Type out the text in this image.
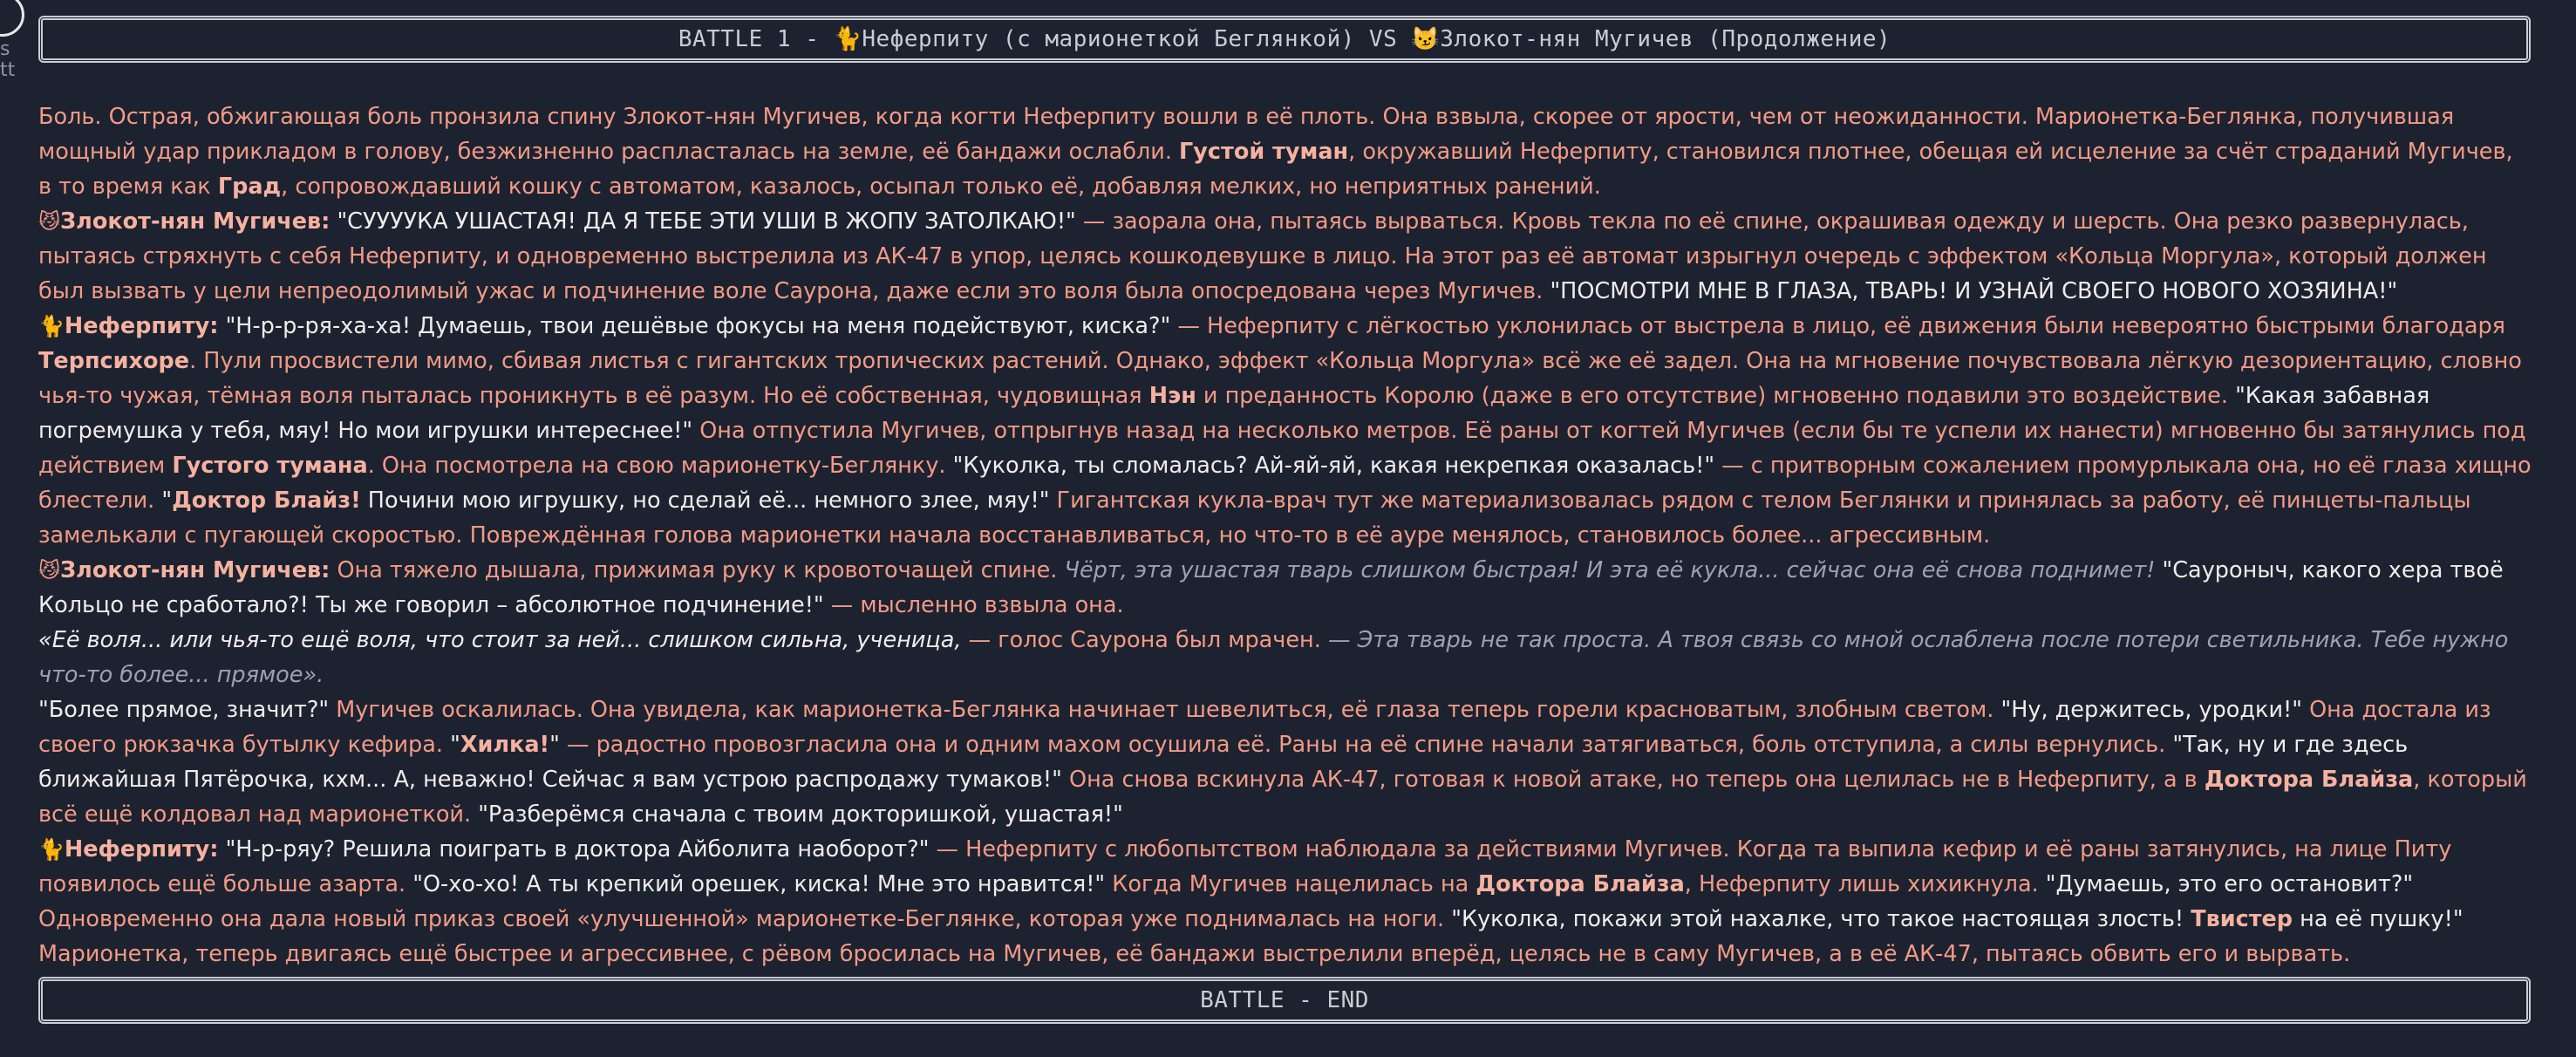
s
tt
BATTLE 1 - 🐈 Неферпиту (с марионеткой Беглянкой) VS 😼 Злокот-нян Мугичев (Продолжение)

Боль. Острая, обжигающая боль пронзила спину Злокот-нян Мугичев, когда когти Неферпиту вошли в её плоть. Она взвыла, скорее от ярости, чем от неожиданности. Марионетка-Беглянка, получившая мощный удар прикладом в голову, безжизненно распласталась на земле, её бандажи ослабли. Густой туман, окружавший Неферпиту, становился плотнее, обещая ей исцеление за счёт страданий Мугичев, в то время как Град, сопровождавший кошку с автоматом, казалось, осыпал только её, добавляя мелких, но неприятных ранений.

😼Злокот-нян Мугичев: "СУУУУКА УШАСТАЯ! ДА Я ТЕБЕ ЭТИ УШИ В ЖОПУ ЗАТОЛКАЮ!" — заорала она, пытаясь вырваться. Кровь текла по её спине, окрашивая одежду и шерсть. Она резко развернулась, пытаясь стряхнуть с себя Неферпиту, и одновременно выстрелила из АК-47 в упор, целясь кошкодевушке в лицо. На этот раз её автомат изрыгнул очередь с эффектом «Кольца Моргула», который должен был вызвать у цели непреодолимый ужас и подчинение воле Саурона, даже если это воля была опосредована через Мугичев. "ПОСМОТРИ МНЕ В ГЛАЗА, ТВАРЬ! И УЗНАЙ СВОЕГО НОВОГО ХОЗЯИНА!"

🐈Неферпиту: "Н-р-р-ря-ха-ха! Думаешь, твои дешёвые фокусы на меня подействуют, киска?" — Неферпиту с лёгкостью уклонилась от выстрела в лицо, её движения были невероятно быстрыми благодаря Терпсихоре. Пули просвистели мимо, сбивая листья с гигантских тропических растений. Однако, эффект «Кольца Моргула» всё же её задел. Она на мгновение почувствовала лёгкую дезориентацию, словно чья-то чужая, тёмная воля пыталась проникнуть в её разум. Но её собственная, чудовищная Нэн и преданность Королю (даже в его отсутствие) мгновенно подавили это воздействие. "Какая забавная погремушка у тебя, мяу! Но мои игрушки интереснее!" Она отпустила Мугичев, отпрыгнув назад на несколько метров. Её раны от когтей Мугичев (если бы те успели их нанести) мгновенно бы затянулись под действием Густого тумана. Она посмотрела на свою марионетку-Беглянку. "Куколка, ты сломалась? Ай-яй-яй, какая некрепкая оказалась!" — с притворным сожалением промурлыкала она, но её глаза хищно блестели. "Доктор Блайз! Почини мою игрушку, но сделай её... немного злее, мяу!" Гигантская кукла-врач тут же материализовалась рядом с телом Беглянки и принялась за работу, её пинцеты-пальцы замелькали с пугающей скоростью. Повреждённая голова марионетки начала восстанавливаться, но что-то в её ауре менялось, становилось более... агрессивным.

😼Злокот-нян Мугичев: Она тяжело дышала, прижимая руку к кровоточащей спине. Чёрт, эта ушастая тварь слишком быстрая! И эта её кукла... сейчас она её снова поднимет! "Сауроныч, какого хера твоё Кольцо не сработало?! Ты же говорил – абсолютное подчинение!" — мысленно взвыла она.

«Её воля... или чья-то ещё воля, что стоит за ней... слишком сильна, ученица, — голос Саурона был мрачен. — Эта тварь не так проста. А твоя связь со мной ослаблена после потери светильника. Тебе нужно что-то более... прямое».

"Более прямое, значит?" Мугичев оскалилась. Она увидела, как марионетка-Беглянка начинает шевелиться, её глаза теперь горели красноватым, злобным светом. "Ну, держитесь, уродки!" Она достала из своего рюкзачка бутылку кефира. "Хилка!" — радостно провозгласила она и одним махом осушила её. Раны на её спине начали затягиваться, боль отступила, а силы вернулись. "Так, ну и где здесь ближайшая Пятёрочка, кхм... А, неважно! Сейчас я вам устрою распродажу тумаков!" Она снова вскинула АК-47, готовая к новой атаке, но теперь она целилась не в Неферпиту, а в Доктора Блайза, который всё ещё колдовал над марионеткой. "Разберёмся сначала с твоим докторишкой, ушастая!"

🐈Неферпиту: "Н-р-ряу? Решила поиграть в доктора Айболита наоборот?" — Неферпиту с любопытством наблюдала за действиями Мугичев. Когда та выпила кефир и её раны затянулись, на лице Питу появилось ещё больше азарта. "О-хо-хо! А ты крепкий орешек, киска! Мне это нравится!" Когда Мугичев нацелилась на Доктора Блайза, Неферпиту лишь хихикнула. "Думаешь, это его остановит?" Одновременно она дала новый приказ своей «улучшенной» марионетке-Беглянке, которая уже поднималась на ноги. "Куколка, покажи этой нахалке, что такое настоящая злость! Твистер на её пушку!" Марионетка, теперь двигаясь ещё быстрее и агрессивнее, с рёвом бросилась на Мугичев, её бандажи выстрелили вперёд, целясь не в саму Мугичев, а в её АК-47, пытаясь обвить его и вырвать.

BATTLE - END
